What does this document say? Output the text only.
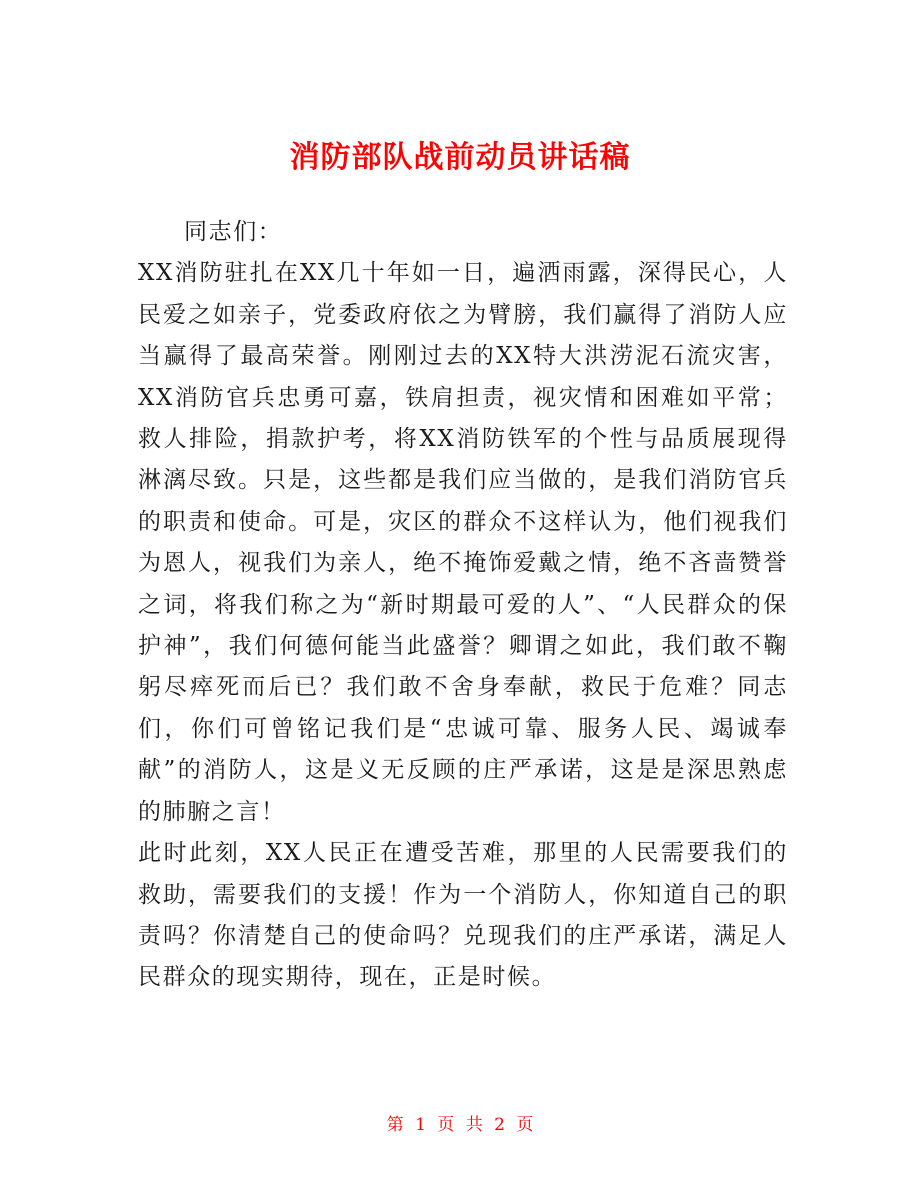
消防部队战前动员讲话稿

同志们：

XX消防驻扎在XX几十年如一日，遍洒雨露，深得民心，人民爱之如亲子，党委政府依之为臂膀，我们赢得了消防人应当赢得了最高荣誉。刚刚过去的XX特大洪涝泥石流灾害，XX消防官兵忠勇可嘉，铁肩担责，视灾情和困难如平常；救人排险，捐款护考，将XX消防铁军的个性与品质展现得淋漓尽致。只是，这些都是我们应当做的，是我们消防官兵的职责和使命。可是，灾区的群众不这样认为，他们视我们为恩人，视我们为亲人，绝不掩饰爱戴之情，绝不吝啬赞誉之词，将我们称之为“新时期最可爱的人”、“人民群众的保护神”，我们何德何能当此盛誉？卿谓之如此，我们敢不鞠躬尽瘁死而后已？我们敢不舍身奉献，救民于危难？同志们，你们可曾铭记我们是“忠诚可靠、服务人民、竭诚奉献”的消防人，这是义无反顾的庄严承诺，这是是深思熟虑的肺腑之言！

此时此刻，XX人民正在遭受苦难，那里的人民需要我们的救助，需要我们的支援！作为一个消防人，你知道自己的职责吗？你清楚自己的使命吗？兑现我们的庄严承诺，满足人民群众的现实期待，现在，正是时候。

第 1 页 共 2 页
